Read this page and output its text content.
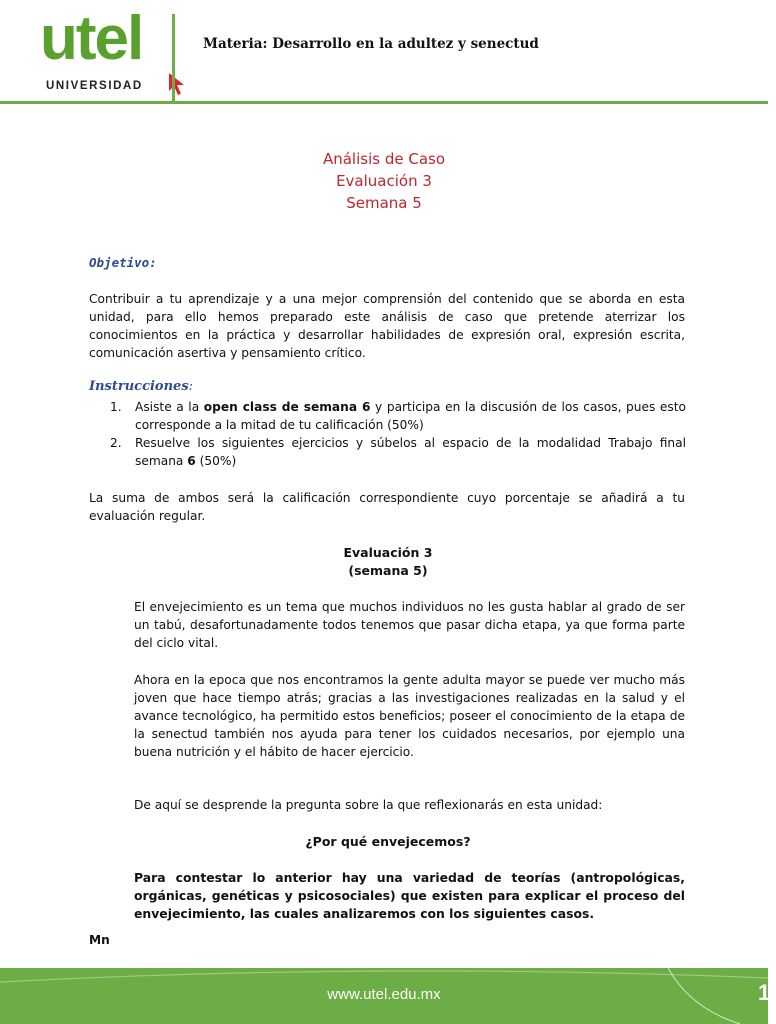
utel
UNIVERSIDAD
Materia: Desarrollo en la adultez y senectud
Análisis de Caso
Evaluación 3
Semana 5
Objetivo:
Contribuir a tu aprendizaje y a una mejor comprensión del contenido que se aborda en esta unidad, para ello hemos preparado este análisis de caso que pretende aterrizar los conocimientos en la práctica y desarrollar habilidades de expresión oral, expresión escrita, comunicación asertiva y pensamiento crítico.
Instrucciones:
1. Asiste a la open class de semana 6 y participa en la discusión de los casos, pues esto corresponde a la mitad de tu calificación (50%)
2. Resuelve los siguientes ejercicios y súbelos al espacio de la modalidad Trabajo final semana 6 (50%)
La suma de ambos será la calificación correspondiente cuyo porcentaje se añadirá a tu evaluación regular.
Evaluación 3
(semana 5)
El envejecimiento es un tema que muchos individuos no les gusta hablar al grado de ser un tabú, desafortunadamente todos tenemos que pasar dicha etapa, ya que forma parte del ciclo vital.
Ahora en la epoca que nos encontramos la gente adulta mayor se puede ver mucho más joven que hace tiempo atrás; gracias a las investigaciones realizadas en la salud y el avance tecnológico, ha permitido estos beneficios; poseer el conocimiento de la etapa de la senectud también nos ayuda para tener los cuidados necesarios, por ejemplo una buena nutrición y el hábito de hacer ejercicio.
De aquí se desprende la pregunta sobre la que reflexionarás en esta unidad:
¿Por qué envejecemos?
Para contestar lo anterior hay una variedad de teorías (antropológicas, orgánicas, genéticas y psicosociales) que existen para explicar el proceso del envejecimiento, las cuales analizaremos con los siguientes casos.
Mn
www.utel.edu.mx	1
